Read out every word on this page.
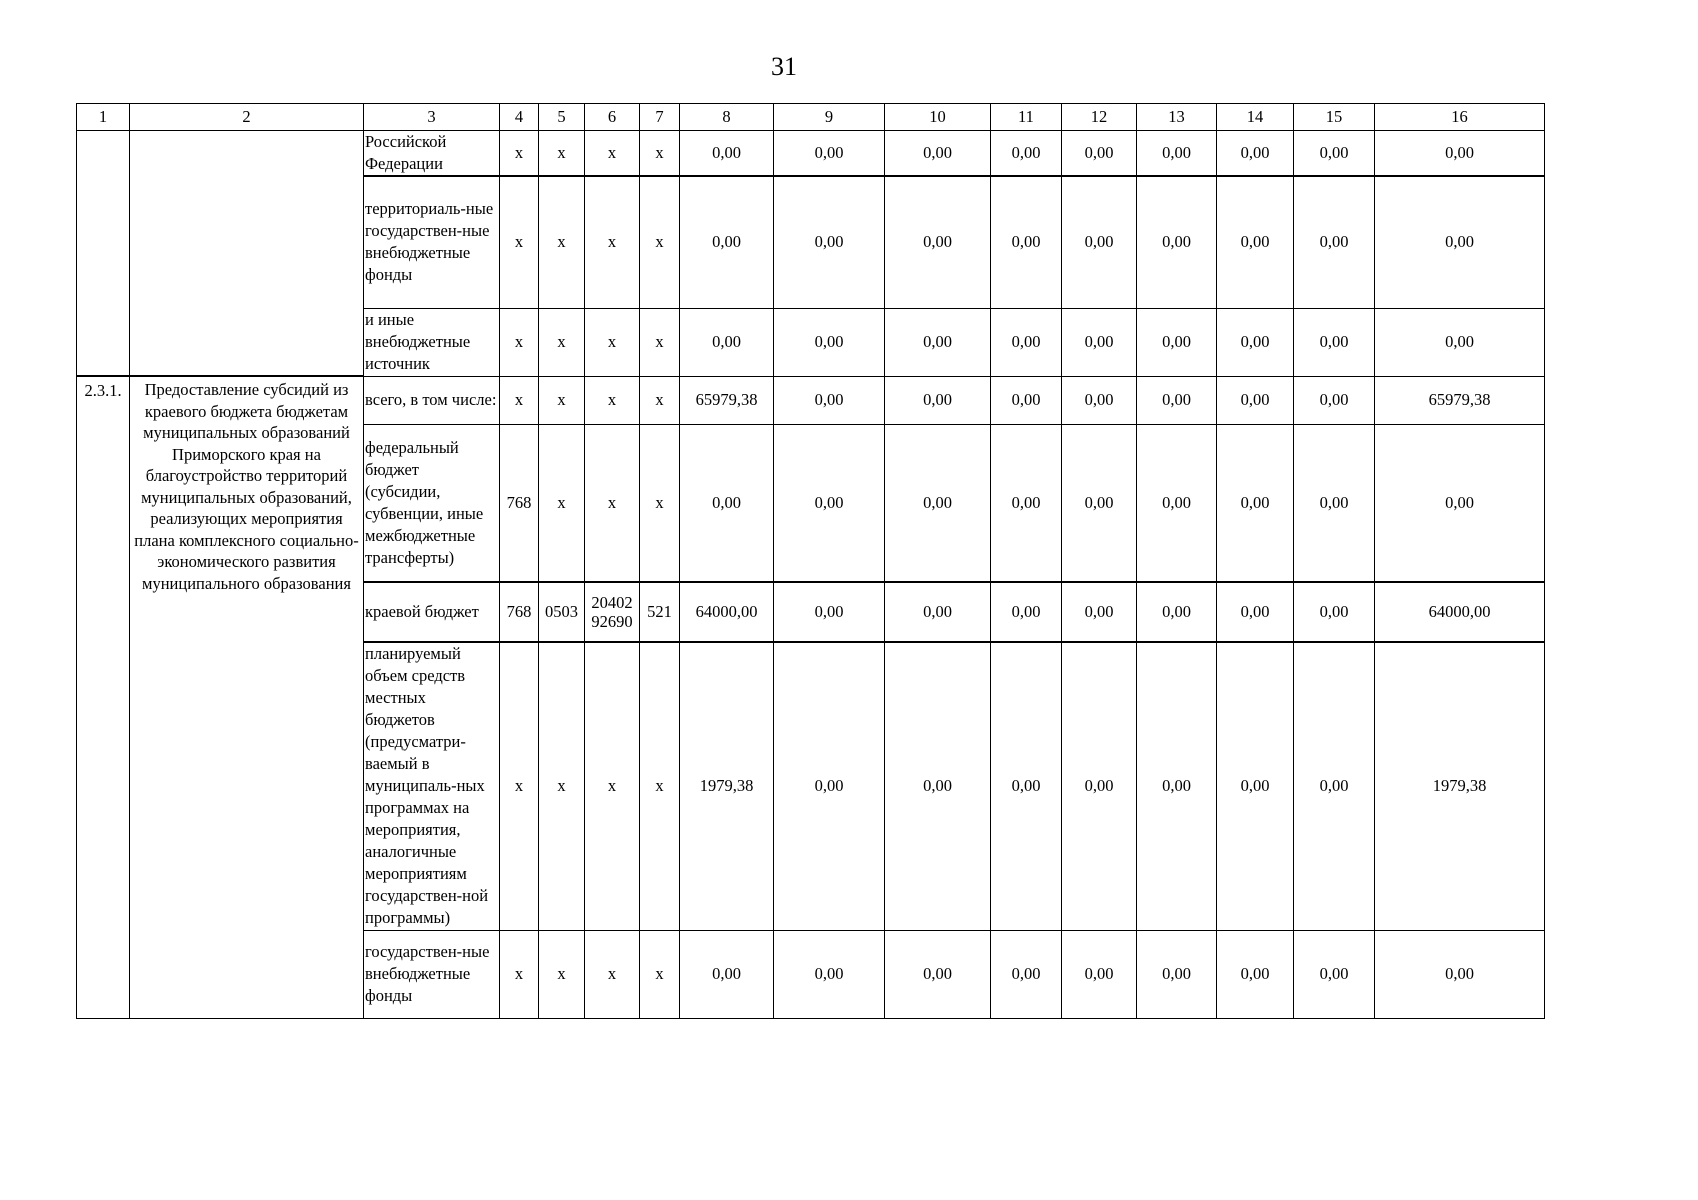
31
1	2	3	4	5	6	7	8	9	10	11	12	13	14	15	16
		Российской Федерации	x	x	x	x	0,00	0,00	0,00	0,00	0,00	0,00	0,00	0,00	0,00
		территориаль-ные государствен-ные внебюджетные фонды	x	x	x	x	0,00	0,00	0,00	0,00	0,00	0,00	0,00	0,00	0,00
		и иные внебюджетные источник	x	x	x	x	0,00	0,00	0,00	0,00	0,00	0,00	0,00	0,00	0,00
2.3.1.	Предоставление субсидий из краевого бюджета бюджетам муниципальных образований Приморского края на благоустройство территорий муниципальных образований, реализующих мероприятия плана комплексного социально-экономического развития муниципального образования	всего, в том числе:	x	x	x	x	65979,38	0,00	0,00	0,00	0,00	0,00	0,00	0,00	65979,38
		федеральный бюджет (субсидии, субвенции, иные межбюджетные трансферты)	768	x	x	x	0,00	0,00	0,00	0,00	0,00	0,00	0,00	0,00	0,00
		краевой бюджет	768	0503	20402 92690	521	64000,00	0,00	0,00	0,00	0,00	0,00	0,00	0,00	64000,00
		планируемый объем средств местных бюджетов (предусматри-ваемый в муниципаль-ных программах на мероприятия, аналогичные мероприятиям государствен-ной программы)	x	x	x	x	1979,38	0,00	0,00	0,00	0,00	0,00	0,00	0,00	1979,38
		государствен-ные внебюджетные фонды	x	x	x	x	0,00	0,00	0,00	0,00	0,00	0,00	0,00	0,00	0,00
